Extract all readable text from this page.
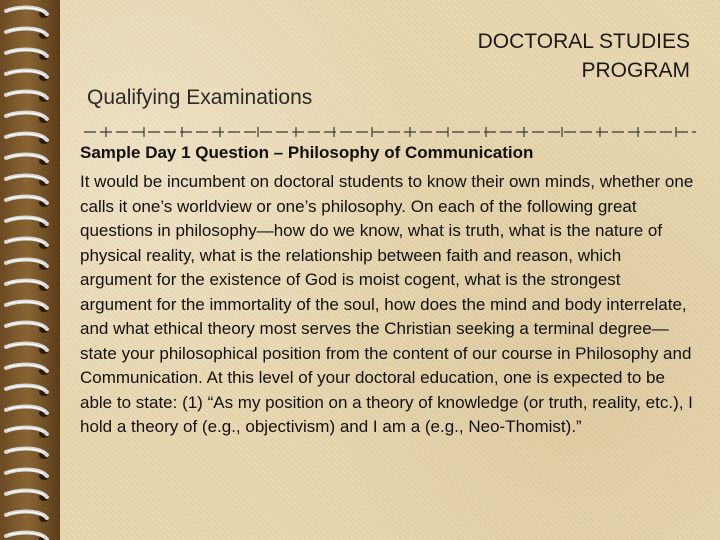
Qualifying Examinations
DOCTORAL STUDIES PROGRAM
Sample Day 1 Question – Philosophy of Communication
It would be incumbent on doctoral students to know their own minds, whether one calls it one’s worldview or one’s philosophy. On each of the following great questions in philosophy—how do we know, what is truth, what is the nature of physical reality, what is the relationship between faith and reason, which argument for the existence of God is moist cogent, what is the strongest argument for the immortality of the soul, how does the mind and body interrelate, and what ethical theory most serves the Christian seeking a terminal degree—state your philosophical position from the content of our course in Philosophy and Communication. At this level of your doctoral education, one is expected to be able to state: (1) “As my position on a theory of knowledge (or truth, reality, etc.), I hold a theory of (e.g., objectivism) and I am a (e.g., Neo-Thomist).”
